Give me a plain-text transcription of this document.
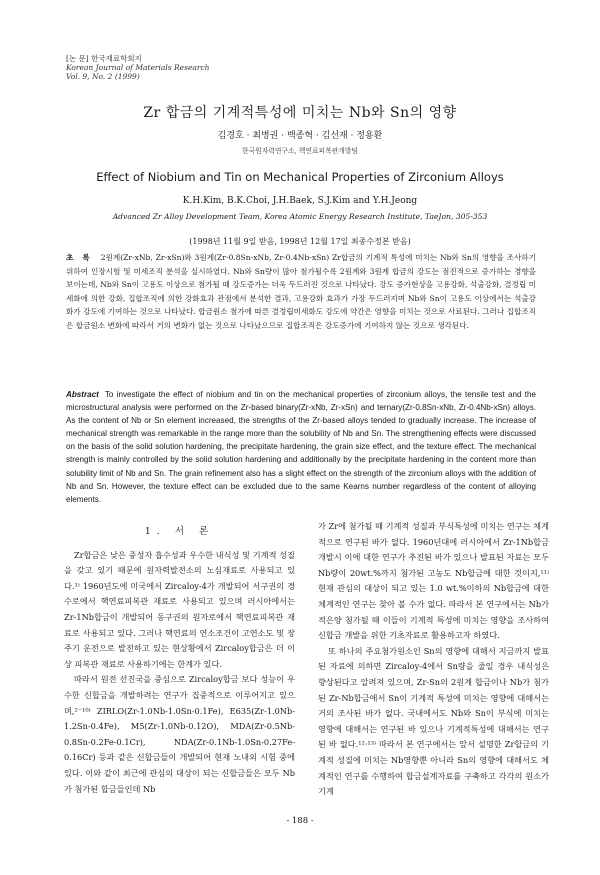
[논 문] 한국재료학회지
Korean Journal of Materials Research
Vol. 9, No. 2 (1999)
Zr 합금의 기계적특성에 미치는 Nb와 Sn의 영향
김경호 · 최병권 · 백종혁 · 김선재 · 정용환
한국원자력연구소, 핵연료피복관개발팀
Effect of Niobium and Tin on Mechanical Properties of Zirconium Alloys
K.H.Kim, B.K.Choi, J.H.Baek, S.J.Kim and Y.H.Jeong
Advanced Zr Alloy Development Team, Korea Atomic Energy Research Institute, TaeJon, 305-353
(1998년 11월 9일 받음, 1998년 12월 17일 최종수정본 받음)
초 록 2원계(Zr-xNb, Zr-xSn)와 3원계(Zr-0.8Sn-xNb, Zr-0.4Nb-xSn) Zr합금의 기계적 특성에 미치는 Nb와 Sn의 영향을 조사하기 위하여 인장시험 및 미세조직 분석을 실시하였다. Nb와 Sn량이 많아 첨가될수록 2원계와 3원계 합금의 강도는 점진적으로 증가하는 경향을 보이는데, Nb와 Sn이 고용도 이상으로 첨가될 때 강도증가는 더욱 두드러진 것으로 나타났다. 강도 증가현상을 고용강화, 석출강화, 결정립 미세화에 의한 강화, 집합조직에 의한 강화효과 관점에서 분석한 결과, 고용강화 효과가 가장 두드러지며 Nb와 Sn이 고용도 이상에서는 석출강화가 강도에 기여하는 것으로 나타났다. 합금원소 첨가에 따른 결정립미세화도 강도에 약간은 영향을 미치는 것으로 사료된다. 그러나 집합조직은 합금원소 변화에 따라서 거의 변화가 없는 것으로 나타났으므로 집합조직은 강도증가에 기여하지 않는 것으로 생각된다.
Abstract To investigate the effect of niobium and tin on the mechanical properties of zirconium alloys, the tensile test and the microstructural analysis were performed on the Zr-based binary(Zr-xNb, Zr-xSn) and ternary(Zr-0.8Sn-xNb, Zr-0.4Nb-xSn) alloys. As the content of Nb or Sn element increased, the strengths of the Zr-based alloys tended to gradually increase. The increase of mechanical strength was remarkable in the range more than the solubility of Nb and Sn. The strengthening effects were discussed on the basis of the solid solution hardening, the precipitate hardening, the grain size effect, and the texture effect. The mechanical strength is mainly controlled by the solid solution hardening and additionally by the precipitate hardening in the content more than solubility limit of Nb and Sn. The grain refinement also has a slight effect on the strength of the zirconium alloys with the addition of Nb and Sn. However, the texture effect can be excluded due to the same Kearns number regardless of the content of alloying elements.
1. 서 론

Zr합금은 낮은 중성자 흡수성과 우수한 내식성 및 기계적 성질을 갖고 있기 때문에 원자력발전소의 노심재료로 사용되고 있다.¹⁾ 1960년도에 미국에서 Zircaloy-4가 개발되어 서구권의 경수로에서 핵연료피복관 재료로 사용되고 있으며 러시아에서는 Zr-1Nb합금이 개발되어 동구권의 원자로에서 핵연료피복관 재료로 사용되고 있다. 그러나 핵연료의 연소조건이 고연소도 및 장주기 운전으로 발전하고 있는 현상황에서 Zircaloy합금은 더 이상 피복관 재료로 사용하기에는 한계가 있다.

따라서 원전 선진국을 중심으로 Zircaloy합금 보다 성능이 우수한 신합금을 개발하려는 연구가 집중적으로 이루어지고 있으며,²⁻¹⁰⁾ ZIRLO(Zr-1.0Nb-1.0Sn-0.1Fe), E635(Zr-1.0Nb-1.2Sn-0.4Fe), M5(Zr-1.0Nb-0.12O), MDA(Zr-0.5Nb-0.8Sn-0.2Fe-0.1Cr), NDA(Zr-0.1Nb-1.0Sn-0.27Fe-0.16Cr) 등과 같은 신합금들이 개발되어 현재 노내외 시험 중에 있다. 이와 같이 최근에 관심의 대상이 되는 신합금들은 모두 Nb가 첨가된 합금들인데 Nb

가 Zr에 첨가될 때 기계적 성질과 부식특성에 미치는 연구는 체계적으로 연구된 바가 없다. 1960년대에 러시아에서 Zr-1Nb합금 개발시 이에 대한 연구가 추진된 바가 있으나 발표된 자료는 모두 Nb량이 20wt.%까지 첨가된 고농도 Nb합금에 대한 것이지,¹¹⁾ 현재 관심의 대상이 되고 있는 1.0 wt.%이하의 Nb합금에 대한 체계적인 연구는 찾아 볼 수가 없다. 따라서 본 연구에서는 Nb가 적은양 첨가될 때 이들이 기계적 특성에 미치는 영향을 조사하여 신합금 개발을 위한 기초자료로 활용하고자 하였다.

또 하나의 주요첨가원소인 Sn의 영향에 대해서 지금까지 발표된 자료에 의하면 Zircaloy-4에서 Sn량을 줄일 경우 내식성은 향상된다고 알려져 있으며, Zr-Sn의 2원계 합금이나 Nb가 첨가된 Zr-Nb합금에서 Sn이 기계적 특성에 미치는 영향에 대해서는 거의 조사된 바가 없다. 국내에서도 Nb와 Sn이 부식에 미치는 영향에 대해서는 연구된 바 있으나 기계적특성에 대해서는 연구된 바 없다.¹²·¹³⁾ 따라서 본 연구에서는 앞서 설명한 Zr합금의 기계적 성질에 미치는 Nb영향뿐 아니라 Sn의 영향에 대해서도 체계적인 연구를 수행하여 합금설계자료를 구축하고 각각의 원소가 기계

- 188 -
